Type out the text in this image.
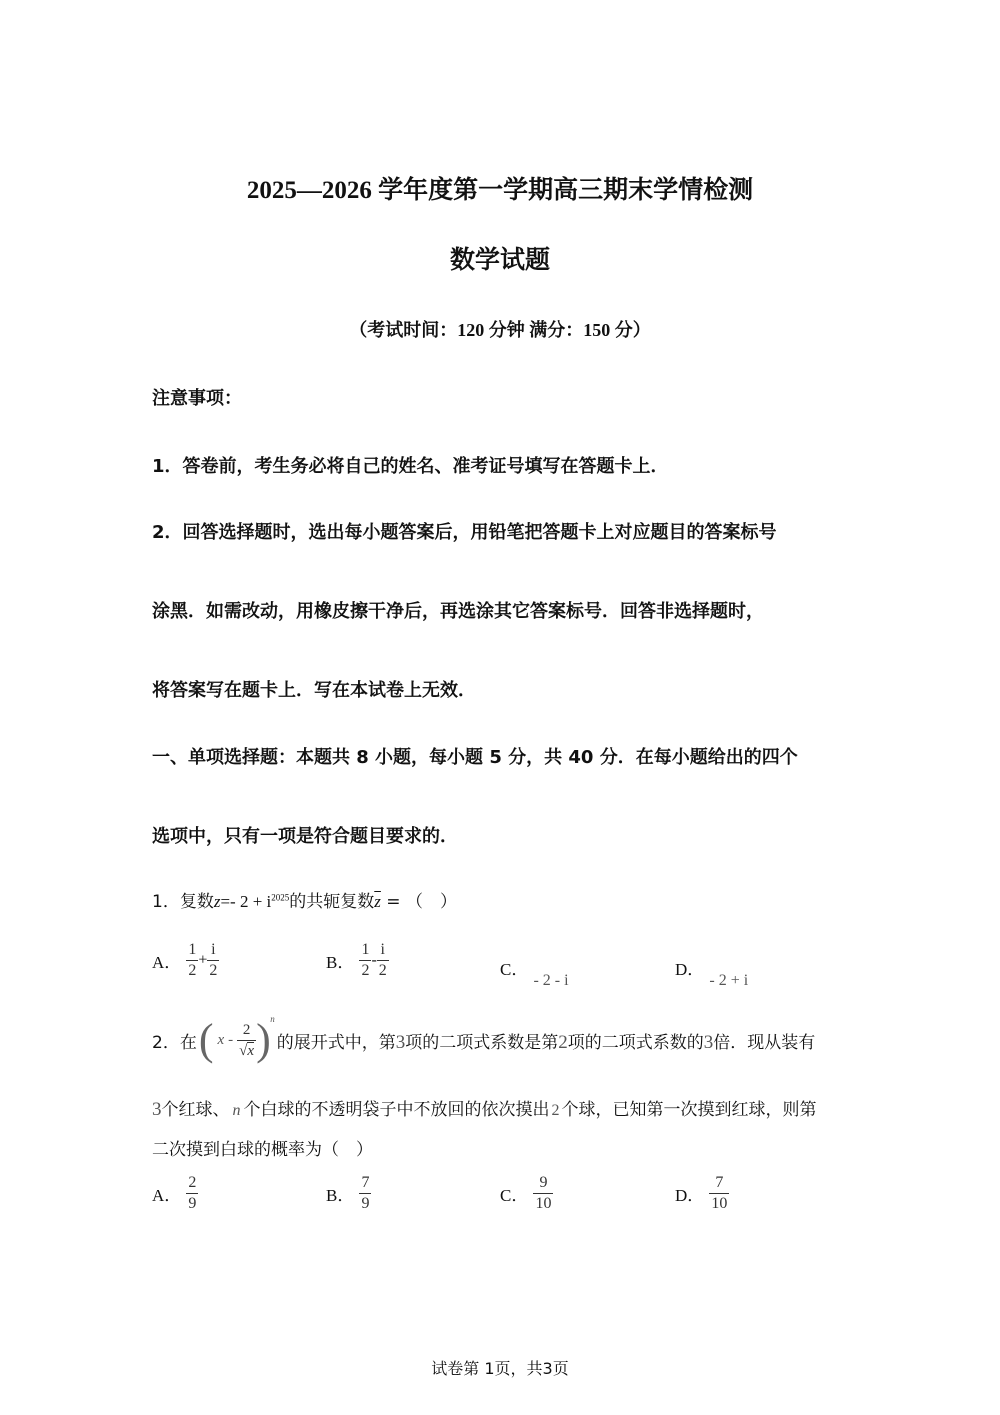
2025—2026 学年度第一学期高三期末学情检测
数学试题
（考试时间：120 分钟 满分：150 分）
注意事项：
1．答卷前，考生务必将自己的姓名、准考证号填写在答题卡上．
2．回答选择题时，选出每小题答案后，用铅笔把答题卡上对应题目的答案标号
涂黑．如需改动，用橡皮擦干净后，再选涂其它答案标号．回答非选择题时，
将答案写在题卡上．写在本试卷上无效．
一、单项选择题：本题共 8 小题，每小题 5 分，共 40 分．在每小题给出的四个
选项中，只有一项是符合题目要求的．
1．复数z=- $2 + i^{2025}$的共轭复数$\overline{z}$ = （　）
A． $\frac{1}{2} + \frac{i}{2}$	B． $\frac{1}{2} - \frac{i}{2}$	C． - 2 - i
D． - 2 + i
2．在 ( x - $\frac{2}{√x}$ ) n
的展开式中，第 3 项的二项式系数是第 2 项的二项式系数的 3 倍．现从装有
3个红球、 n 个白球的不透明袋子中不放回的依次摸出 2 个球，已知第一次摸到红球，则第
二次摸到白球的概率为（　）
A． $\frac{2}{9}$	B． $\frac{7}{9}$	C． $\frac{9}{10}$	D． $\frac{7}{10}$
试卷第 1页，共3页
